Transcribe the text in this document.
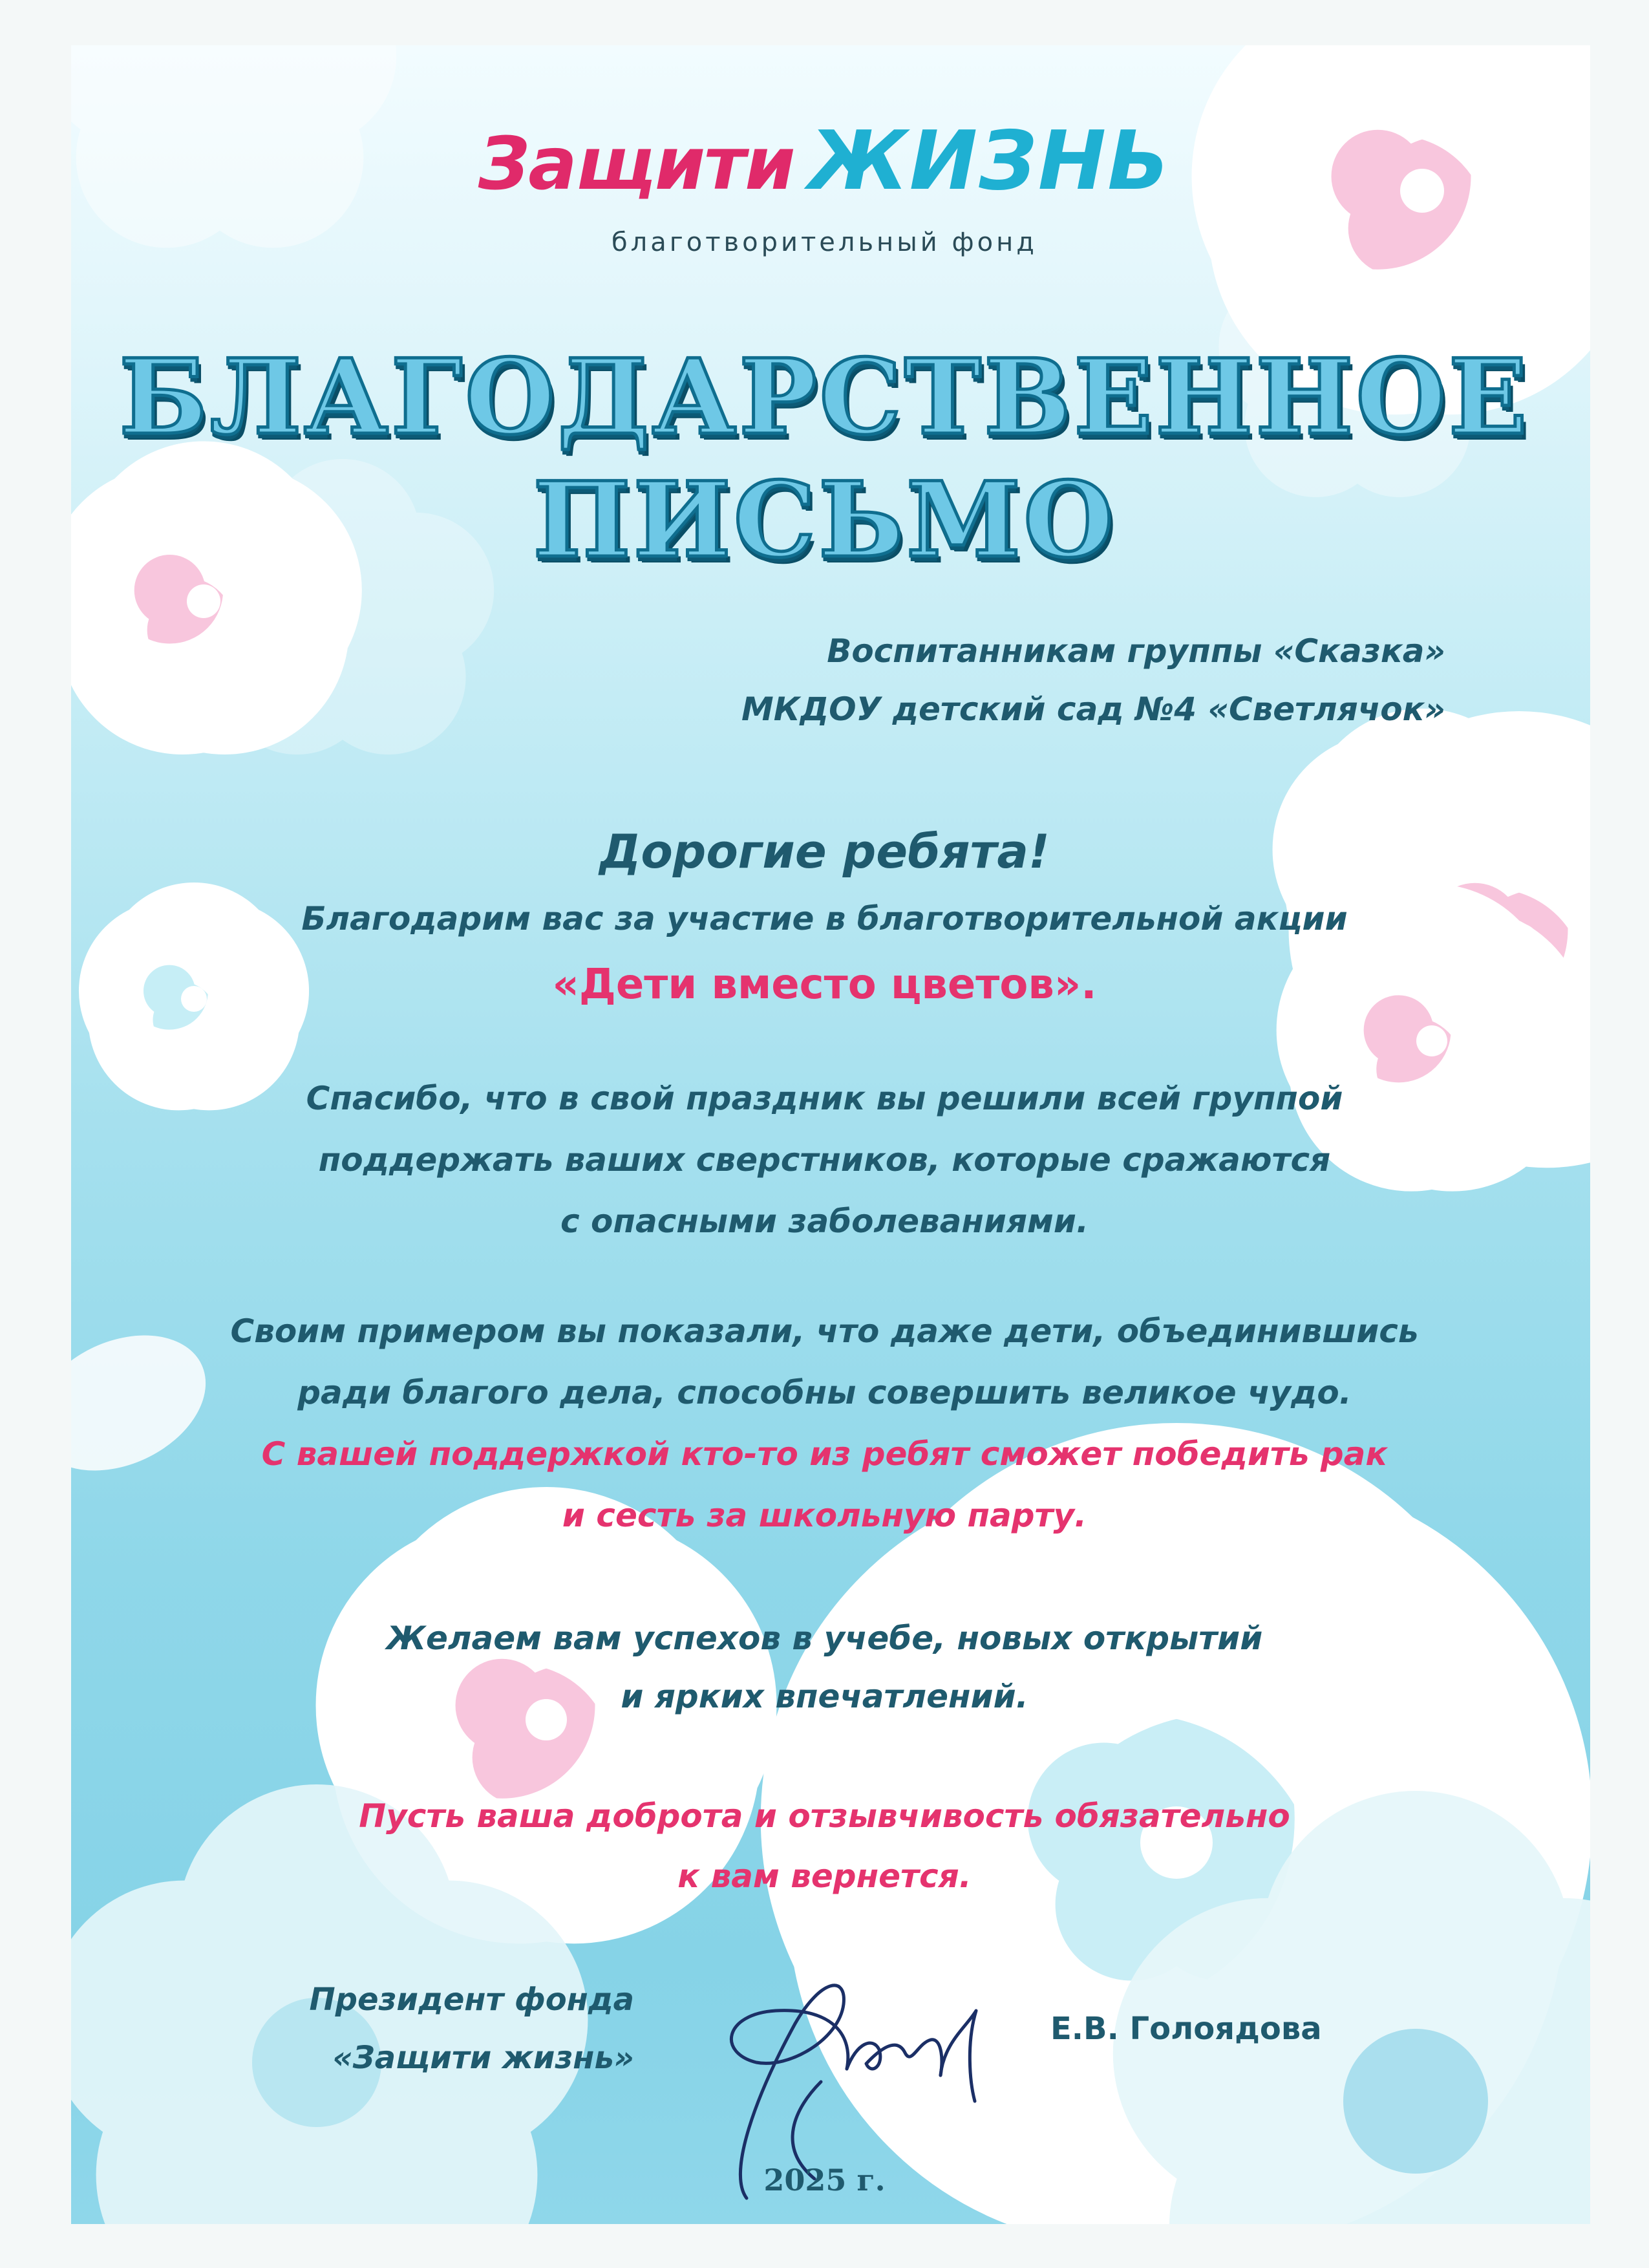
Защити ЖИЗНЬ
благотворительный фонд
БЛАГОДАРСТВЕННОЕ
ПИСЬМО

Воспитанникам группы «Сказка»

МКДОУ детский сад №4 «Светлячок»

Дорогие ребята!

Благодарим вас за участие в благотворительной акции

«Дети вместо цветов».

Спасибо, что в свой праздник вы решили всей группой

поддержать ваших сверстников, которые сражаются

с опасными заболеваниями.

Своим примером вы показали, что даже дети, объединившись

ради благого дела, способны совершить великое чудо.

С вашей поддержкой кто-то из ребят сможет победить рак

и сесть за школьную парту.

Желаем вам успехов в учебе, новых открытий

и ярких впечатлений.

Пусть ваша доброта и отзывчивость обязательно

к вам вернется.

Президент фонда

«Защити жизнь»

Е.В. Голоядова

2025 г.
